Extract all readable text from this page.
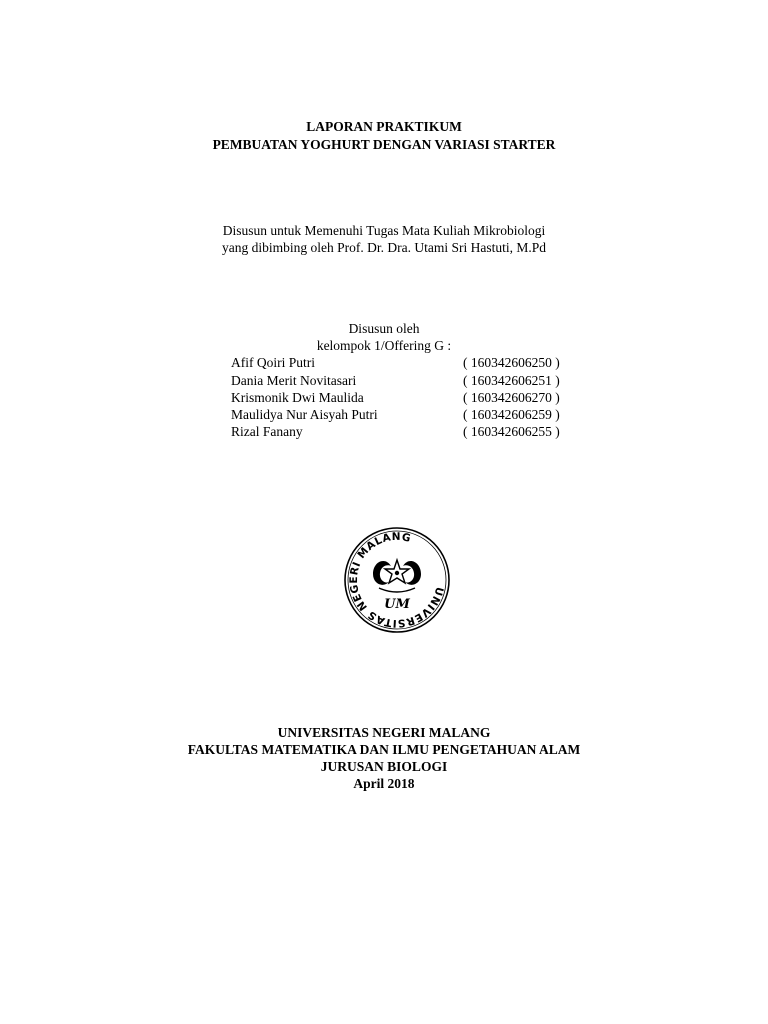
LAPORAN PRAKTIKUM
PEMBUATAN YOGHURT DENGAN VARIASI STARTER
Disusun untuk Memenuhi Tugas Mata Kuliah Mikrobiologi
yang dibimbing oleh Prof. Dr. Dra. Utami Sri Hastuti, M.Pd
Disusun oleh
kelompok 1/Offering G :
Afif Qoiri Putri	( 160342606250 )
Dania Merit Novitasari	( 160342606251 )
Krismonik Dwi Maulida	( 160342606270 )
Maulidya Nur Aisyah Putri	( 160342606259 )
Rizal Fanany	( 160342606255 )
UNIVERSITAS NEGERI MALANG
UM
UNIVERSITAS NEGERI MALANG
FAKULTAS MATEMATIKA DAN ILMU PENGETAHUAN ALAM
JURUSAN BIOLOGI
April 2018
